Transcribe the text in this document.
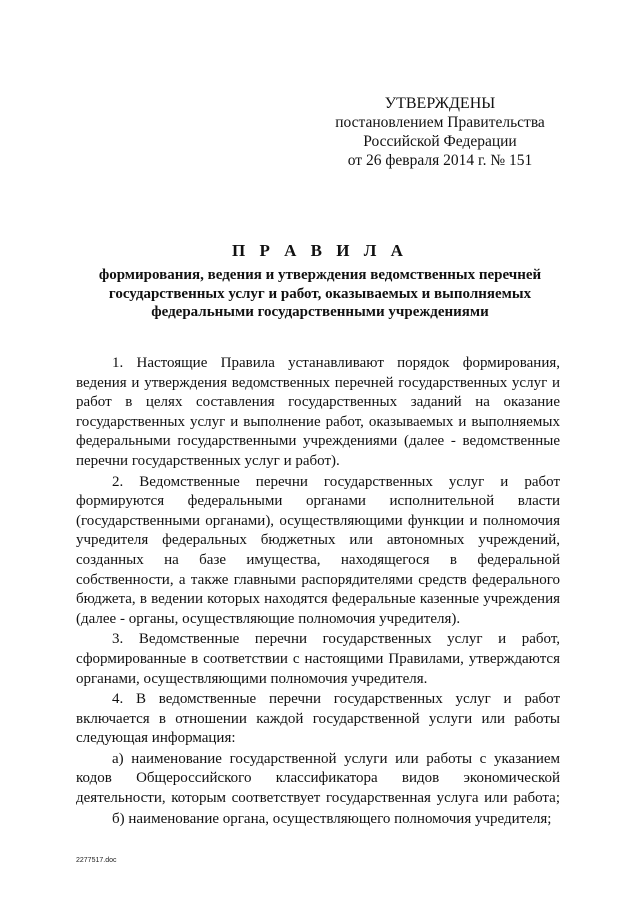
УТВЕРЖДЕНЫ
постановлением Правительства
Российской Федерации
от 26 февраля 2014 г. № 151
П Р А В И Л А
формирования, ведения и утверждения ведомственных перечней
государственных услуг и работ, оказываемых и выполняемых
федеральными государственными учреждениями
1. Настоящие Правила устанавливают порядок формирования,
ведения и утверждения ведомственных перечней государственных услуг и
работ в целях составления государственных заданий на оказание
государственных услуг и выполнение работ, оказываемых и выполняемых
федеральными государственными учреждениями (далее - ведомственные
перечни государственных услуг и работ).
2. Ведомственные перечни государственных услуг и работ
формируются федеральными органами исполнительной власти
(государственными органами), осуществляющими функции и полномочия
учредителя федеральных бюджетных или автономных учреждений,
созданных на базе имущества, находящегося в федеральной
собственности, а также главными распорядителями средств федерального
бюджета, в ведении которых находятся федеральные казенные учреждения
(далее - органы, осуществляющие полномочия учредителя).
3. Ведомственные перечни государственных услуг и работ,
сформированные в соответствии с настоящими Правилами, утверждаются
органами, осуществляющими полномочия учредителя.
4. В ведомственные перечни государственных услуг и работ
включается в отношении каждой государственной услуги или работы
следующая информация:
а) наименование государственной услуги или работы с указанием
кодов Общероссийского классификатора видов экономической
деятельности, которым соответствует государственная услуга или работа;
б) наименование органа, осуществляющего полномочия учредителя;
2277517.doc
